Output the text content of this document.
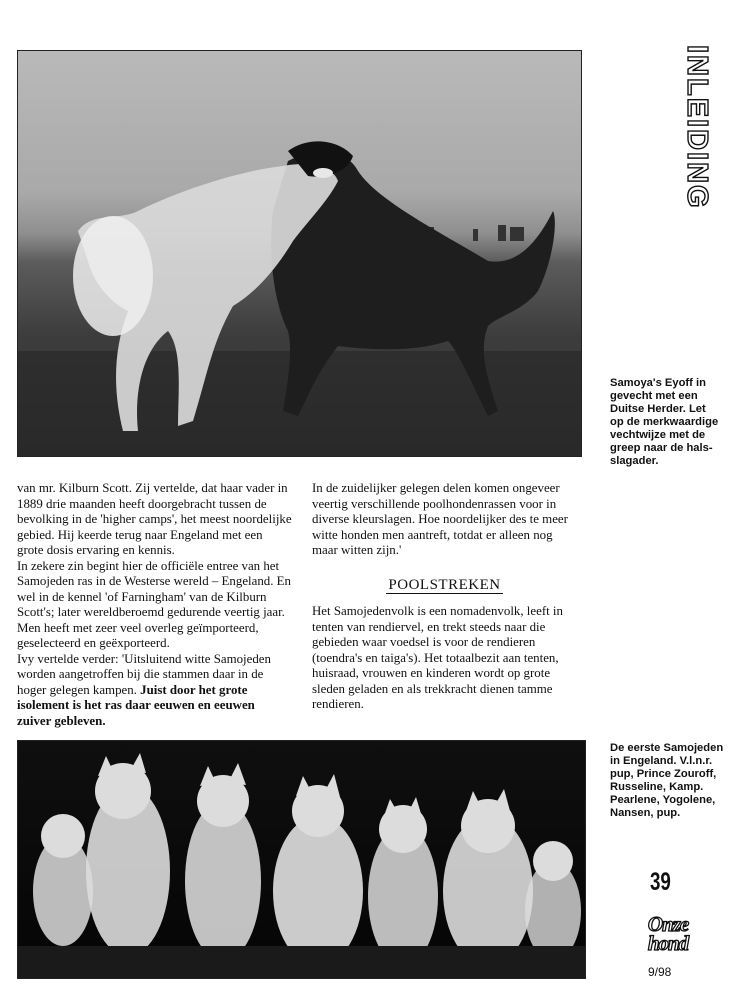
INLEIDING
Samoya's Eyoff in
gevecht met een
Duitse Herder. Let
op de merkwaardige
vechtwijze met de
greep naar de hals-
slagader.

van mr. Kilburn Scott. Zij vertelde, dat haar vader in 1889 drie maanden heeft doorgebracht tussen de bevolking in de 'higher camps', het meest noordelijke gebied. Hij keerde terug naar Engeland met een grote dosis ervaring en kennis.

In zekere zin begint hier de officiële entree van het Samojeden ras in de Westerse wereld – Engeland. En wel in de kennel 'of Farningham' van de Kilburn Scott's; later wereldberoemd gedurende veertig jaar. Men heeft met zeer veel overleg geïmporteerd, geselecteerd en geëxporteerd.

Ivy vertelde verder: 'Uitsluitend witte Samojeden worden aangetroffen bij die stammen daar in de hoger gelegen kampen. Juist door het grote isolement is het ras daar eeuwen en eeuwen zuiver gebleven.

In de zuidelijker gelegen delen komen ongeveer veertig verschillende poolhondenrassen voor in diverse kleurslagen. Hoe noordelijker des te meer witte honden men aantreft, totdat er alleen nog maar witten zijn.'

POOLSTREKEN

Het Samojedenvolk is een nomadenvolk, leeft in tenten van rendiervel, en trekt steeds naar die gebieden waar voedsel is voor de rendieren (toendra's en taiga's). Het totaalbezit aan tenten, huisraad, vrouwen en kinderen wordt op grote sleden geladen en als trekkracht dienen tamme rendieren.

De eerste Samojeden
in Engeland. V.l.n.r.
pup, Prince Zouroff,
Russeline, Kamp.
Pearlene, Yogolene,
Nansen, pup.
39
Onze
hond
9/98
